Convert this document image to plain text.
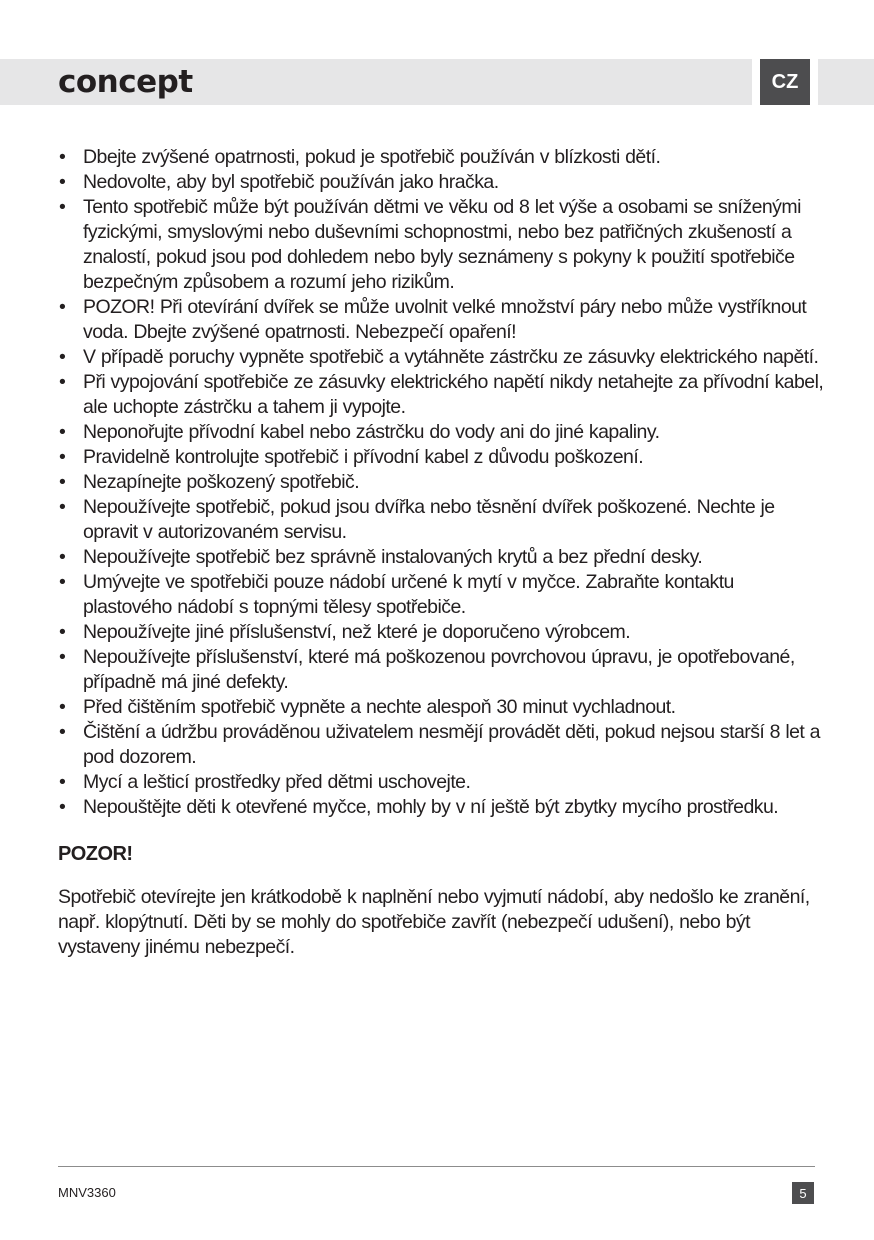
concept	CZ
• Dbejte zvýšené opatrnosti, pokud je spotřebič používán v blízkosti dětí.
• Nedovolte, aby byl spotřebič používán jako hračka.
• Tento spotřebič může být používán dětmi ve věku od 8 let výše a osobami se sníženými fyzickými, smyslovými nebo duševními schopnostmi, nebo bez patřičných zkušeností a znalostí, pokud jsou pod dohledem nebo byly seznámeny s pokyny k použití spotřebiče bezpečným způsobem a rozumí jeho rizikům.
• POZOR! Při otevírání dvířek se může uvolnit velké množství páry nebo může vystříknout voda. Dbejte zvýšené opatrnosti. Nebezpečí opaření!
• V případě poruchy vypněte spotřebič a vytáhněte zástrčku ze zásuvky elektrického napětí.
• Při vypojování spotřebiče ze zásuvky elektrického napětí nikdy netahejte za přívodní kabel, ale uchopte zástrčku a tahem ji vypojte.
• Neponořujte přívodní kabel nebo zástrčku do vody ani do jiné kapaliny.
• Pravidelně kontrolujte spotřebič i přívodní kabel z důvodu poškození.
• Nezapínejte poškozený spotřebič.
• Nepoužívejte spotřebič, pokud jsou dvířka nebo těsnění dvířek poškozené. Nechte je opravit v autorizovaném servisu.
• Nepoužívejte spotřebič bez správně instalovaných krytů a bez přední desky.
• Umývejte ve spotřebiči pouze nádobí určené k mytí v myčce. Zabraňte kontaktu plastového nádobí s topnými tělesy spotřebiče.
• Nepoužívejte jiné příslušenství, než které je doporučeno výrobcem.
• Nepoužívejte příslušenství, které má poškozenou povrchovou úpravu, je opotřebované, případně má jiné defekty.
• Před čištěním spotřebič vypněte a nechte alespoň 30 minut vychladnout.
• Čištění a údržbu prováděnou uživatelem nesmějí provádět děti, pokud nejsou starší 8 let a pod dozorem.
• Mycí a lešticí prostředky před dětmi uschovejte.
• Nepouštějte děti k otevřené myčce, mohly by v ní ještě být zbytky mycího prostředku.
POZOR!

Spotřebič otevírejte jen krátkodobě k naplnění nebo vyjmutí nádobí, aby nedošlo ke zranění, např. klopýtnutí. Děti by se mohly do spotřebiče zavřít (nebezpečí udušení), nebo být vystaveny jinému nebezpečí.

MNV3360	5
